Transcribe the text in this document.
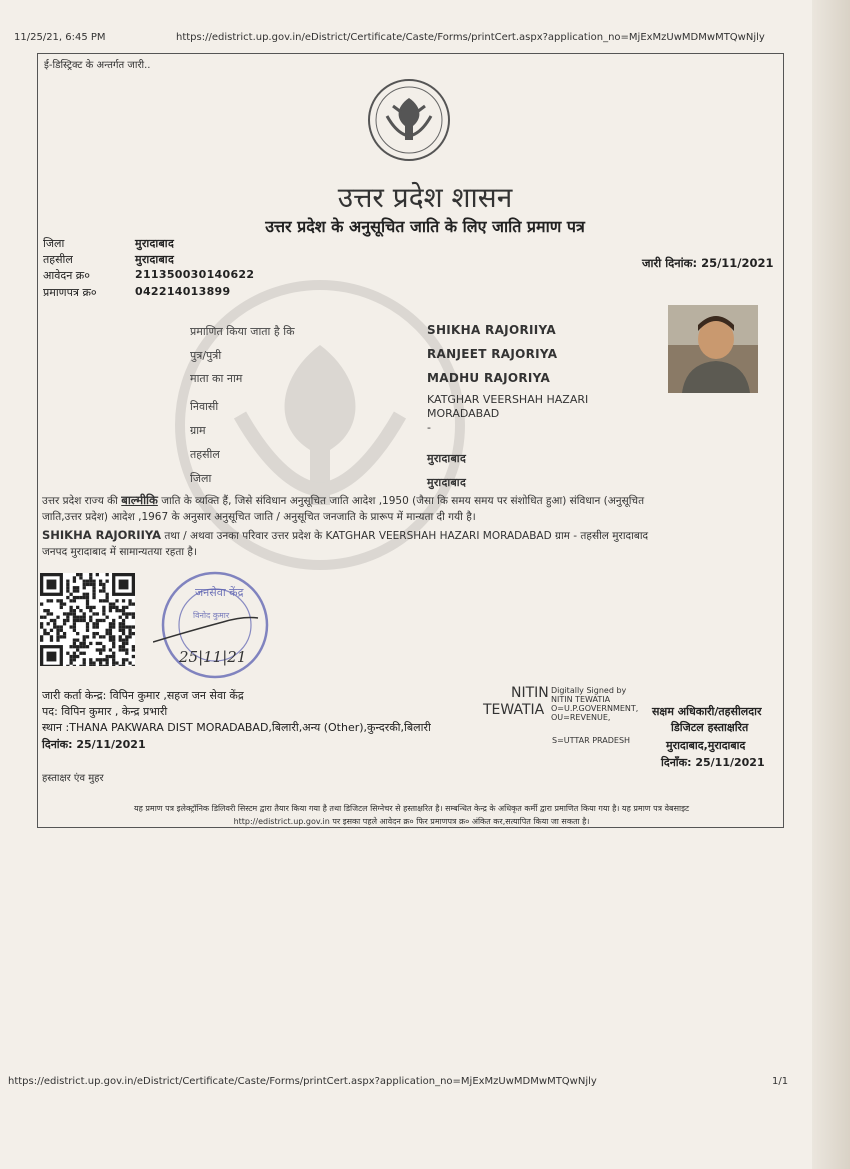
11/25/21, 6:45 PM	https://edistrict.up.gov.in/eDistrict/Certificate/Caste/Forms/printCert.aspx?application_no=MjExMzUwMDMwMTQwNjly
ई-डिस्ट्रिक्ट के अन्तर्गत जारी..
उत्तर प्रदेश शासन
उत्तर प्रदेश के अनुसूचित जाति के लिए जाति प्रमाण पत्र
जिला	मुरादाबाद
तहसील	मुरादाबाद
आवेदन क्र०	211350030140622
प्रमाणपत्र क्र०	042214013899
जारी दिनांक: 25/11/2021
प्रमाणित किया जाता है कि	SHIKHA RAJORIIYA
पुत्र/पुत्री	RANJEET RAJORIYA
माता का नाम	MADHU RAJORIYA
निवासी
KATGHAR VEERSHAH HAZARI
MORADABAD
ग्राम	-
तहसील	मुरादाबाद
जिला	मुरादाबाद
उत्तर प्रदेश राज्य की बाल्मीकि जाति के व्यक्ति हैं, जिसे संविधान अनुसूचित जाति आदेश ,1950 (जैसा कि समय समय पर संशोधित हुआ) संविधान (अनुसूचित
जाति,उत्तर प्रदेश) आदेश ,1967 के अनुसार अनुसूचित जाति / अनुसूचित जनजाति के प्रारूप में मान्यता दी गयी है।
SHIKHA RAJORIIYA तथा / अथवा उनका परिवार उत्तर प्रदेश के KATGHAR VEERSHAH HAZARI MORADABAD ग्राम - तहसील मुरादाबाद
जनपद मुरादाबाद में सामान्यतया रहता है।
जनसेवा केंद्र
विनोद कुमार
25|11|21
जारी कर्ता केन्द्र: विपिन कुमार ,सहज जन सेवा केंद्र
पद: विपिन कुमार , केन्द्र प्रभारी
स्थान :THANA PAKWARA DIST MORADABAD,बिलारी,अन्य (Other),कुन्दरकी,बिलारी
दिनांक: 25/11/2021
हस्ताक्षर एंव मुहर
NITIN
TEWATIA
Digitally Signed by
NITIN TEWATIA
O=U.P.GOVERNMENT,
OU=REVENUE,
S=UTTAR PRADESH
सक्षम अधिकारी/तहसीलदार
डिजिटल हस्ताक्षरित
मुरादाबाद,मुरादाबाद
दिनाँक: 25/11/2021
यह प्रमाण पत्र इलेक्ट्रॉनिक डिलिवरी सिस्टम द्वारा तैयार किया गया है तथा डिजिटल सिग्नेचर से हस्ताक्षरित है। सम्बन्धित केन्द्र के अधिकृत कर्मी द्वारा प्रमाणित किया गया है। यह प्रमाण पत्र वेबसाइट
http://edistrict.up.gov.in पर इसका पहले आवेदन क्र० फिर प्रमाणपत्र क्र० अंकित कर,सत्यापित किया जा सकता है।
https://edistrict.up.gov.in/eDistrict/Certificate/Caste/Forms/printCert.aspx?application_no=MjExMzUwMDMwMTQwNjly	1/1
